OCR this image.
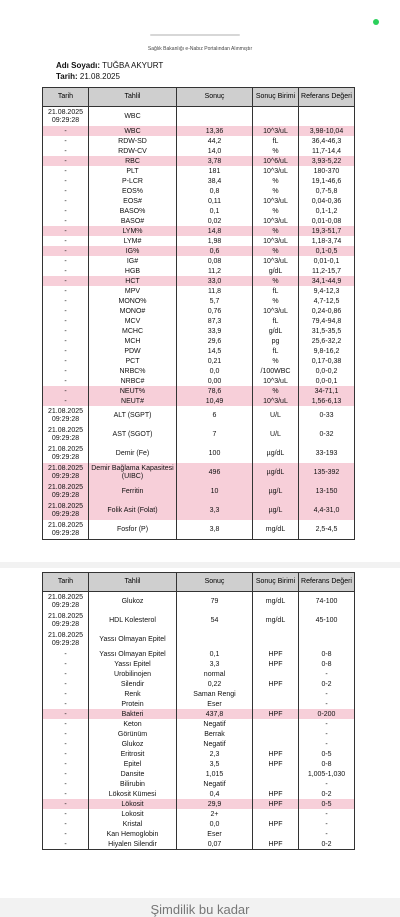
Sağlık Bakanlığı e-Nabız Portalından Alınmıştır
Adı Soyadı: TUĞBA AKYURT
Tarih: 21.08.2025
Tarih	Tahlil	Sonuç	Sonuç Birimi	Referans Değeri
21.08.2025 09:29:28	WBC			
-	WBC	13,36	10^3/uL	3,98-10,04
-	RDW-SD	44,2	fL	36,4-46,3
-	RDW-CV	14,0	%	11,7-14,4
-	RBC	3,78	10^6/uL	3,93-5,22
-	PLT	181	10^3/uL	180-370
-	P-LCR	38,4	%	19,1-46,6
-	EOS%	0,8	%	0,7-5,8
-	EOS#	0,11	10^3/uL	0,04-0,36
-	BASO%	0,1	%	0,1-1,2
-	BASO#	0,02	10^3/uL	0,01-0,08
-	LYM%	14,8	%	19,3-51,7
-	LYM#	1,98	10^3/uL	1,18-3,74
-	IG%	0,6	%	0,1-0,5
-	IG#	0,08	10^3/uL	0,01-0,1
-	HGB	11,2	g/dL	11,2-15,7
-	HCT	33,0	%	34,1-44,9
-	MPV	11,8	fL	9,4-12,3
-	MONO%	5,7	%	4,7-12,5
-	MONO#	0,76	10^3/uL	0,24-0,86
-	MCV	87,3	fL	79,4-94,8
-	MCHC	33,9	g/dL	31,5-35,5
-	MCH	29,6	pg	25,6-32,2
-	PDW	14,5	fL	9,8-16,2
-	PCT	0,21	%	0,17-0,38
-	NRBC%	0,0	/100WBC	0,0-0,2
-	NRBC#	0,00	10^3/uL	0,0-0,1
-	NEUT%	78,6	%	34-71,1
-	NEUT#	10,49	10^3/uL	1,56-6,13
21.08.2025 09:29:28	ALT (SGPT)	6	U/L	0-33
21.08.2025 09:29:28	AST (SGOT)	7	U/L	0-32
21.08.2025 09:29:28	Demir (Fe)	100	µg/dL	33-193
21.08.2025 09:29:28	Demir Bağlama Kapasitesi (UIBC)	496	µg/dL	135-392
21.08.2025 09:29:28	Ferritin	10	µg/L	13-150
21.08.2025 09:29:28	Folik Asit (Folat)	3,3	µg/L	4,4-31,0
21.08.2025 09:29:28	Fosfor (P)	3,8	mg/dL	2,5-4,5
Tarih	Tahlil	Sonuç	Sonuç Birimi	Referans Değeri
21.08.2025 09:29:28	Glukoz	79	mg/dL	74-100
21.08.2025 09:29:28	HDL Kolesterol	54	mg/dL	45-100
21.08.2025 09:29:28	Yassı Olmayan Epitel			
-	Yassı Olmayan Epitel	0,1	HPF	0-8
-	Yassı Epitel	3,3	HPF	0-8
-	Urobilinojen	normal		-
-	Silendir	0,22	HPF	0-2
-	Renk	Saman Rengi		-
-	Protein	Eser		-
-	Bakteri	437,8	HPF	0-200
-	Keton	Negatif		-
-	Görünüm	Berrak		-
-	Glukoz	Negatif		-
-	Eritrosit	2,3	HPF	0-5
-	Epitel	3,5	HPF	0-8
-	Dansite	1,015		1,005-1,030
-	Bilirubin	Negatif		-
-	Lökosit Kümesi	0,4	HPF	0-2
-	Lökosit	29,9	HPF	0-5
-	Lokosit	2+		-
-	Kristal	0,0	HPF	-
-	Kan Hemoglobin	Eser		-
-	Hiyalen Silendir	0,07	HPF	0-2
Şimdilik bu kadar
